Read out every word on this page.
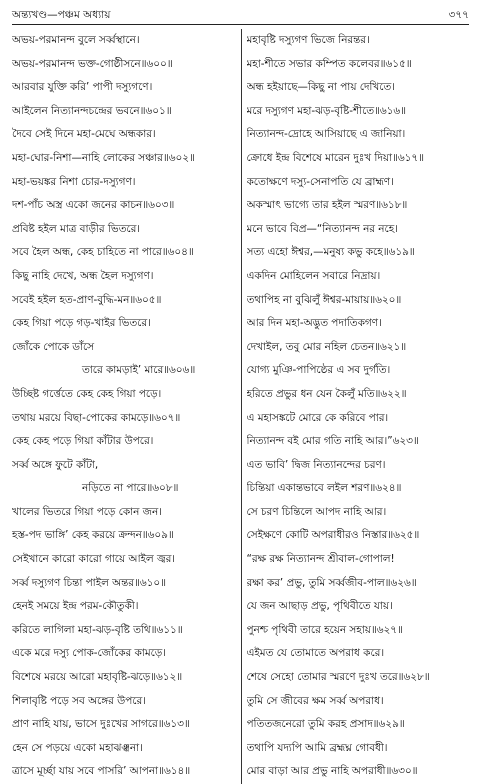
অন্ত্যখণ্ড—পঞ্চম অধ্যায়	৩৭৭
অভয়-পরমানন্দ বুলে সর্ব্বস্থানে।
অভয়-পরমানন্দ ভক্ত-গোষ্ঠীসনে॥৬০০॥
আরবার যুক্তি করি’ পাপী দস্যুগণে।
আইলেন নিত্যানন্দচন্দ্রের ভবনে॥৬০১॥
দৈবে সেই দিনে মহা-মেঘে অন্ধকার।
মহা-ঘোর-নিশা—নাহি লোকের সঞ্চার॥৬০২॥
মহা-ভয়ঙ্কর নিশা চোর-দস্যুগণ।
দশ-পাঁচ অস্ত্র একো জনের কাচন॥৬০৩॥
প্রবিষ্ট হইল মাত্র বাড়ীর ভিতরে।
সবে হৈল অন্ধ, কেহ চাহিতে না পারে॥৬০৪॥
কিছু নাহি দেখে, অন্ধ হৈল দস্যুগণ।
সবেই হইল হত-প্রাণ-বুদ্ধি-মন॥৬০৫॥
কেহ গিয়া পড়ে গড়-খাইর ভিতরে।
জোঁকে পোকে ডাঁসে
তারে কামড়াই’ মারে॥৬০৬॥
উচ্ছিষ্ট গর্ত্তেতে কেহ কেহ গিয়া পড়ে।
তথায় মরয়ে বিছা-পোকের কামড়ে॥৬০৭॥
কেহ কেহ পড়ে গিয়া কাঁটার উপরে।
সর্ব্ব অঙ্গে ফুটে কাঁটা,
নড়িতে না পারে॥৬০৮॥
খালের ভিতরে গিয়া পড়ে কোন জন।
হস্ত-পদ ভাঙ্গি’ কেহ করয়ে ক্রন্দন॥৬০৯॥
সেইখানে কারো কারো গায়ে আইল জ্বর।
সর্ব্ব দস্যুগণ চিন্তা পাইল অন্তর॥৬১০॥
হেনই সময়ে ইন্দ্র পরম-কৌতুকী।
করিতে লাগিলা মহা-ঝড়-বৃষ্টি তথি॥৬১১॥
একে মরে দস্যু পোক-জোঁকের কামড়ে।
বিশেষে মরয়ে আরো মহাবৃষ্টি-ঝড়ে॥৬১২॥
শিলাবৃষ্টি পড়ে সব অঙ্গের উপরে।
প্রাণ নাহি যায়, ভাসে দুঃখের সাগরে॥৬১৩॥
হেন সে পড়য়ে একো মহাঝঞ্ঝনা।
ত্রাসে মূর্চ্ছা যায় সবে পাসরি’ আপনা॥৬১৪॥
মহাবৃষ্টি দস্যুগণ ভিজে নিরন্তর।
মহা-শীতে সভার কম্পিত কলেবর॥৬১৫॥
অন্ধ হইয়াছে—কিছু না পায় দেখিতে।
মরে দস্যুগণ মহা-ঝড়-বৃষ্টি-শীতে॥৬১৬॥
নিত্যানন্দ-দ্রোহে আসিয়াছে এ জানিয়া।
ক্রোধে ইন্দ্র বিশেষে মারেন দুঃখ দিয়া॥৬১৭॥
কতোক্ষণে দস্যু-সেনাপতি যে ব্রাহ্মণ।
অকস্মাৎ ভাগ্যে তার হইল স্মরণ॥৬১৮॥
মনে ভাবে বিপ্র—“নিত্যানন্দ নর নহে।
সত্য এহো ঈশ্বর,—মনুষ্য কভু কহে॥৬১৯॥
একদিন মোহিলেন সবারে নিদ্রায়।
তথাপিহ না বুঝিলুঁ ঈশ্বর-মায়ায়॥৬২০॥
আর দিন মহা-অদ্ভুত পদাতিকগণ।
দেখাইল, তবু মোর নহিল চেতন॥৬২১॥
যোগ্য মুঞি-পাপিষ্ঠের এ সব দুর্গতি।
হরিতে প্রভুর ধন যেন কৈলুঁ মতি॥৬২২॥
এ মহাসঙ্কটে মোরে কে করিবে পার।
নিত্যানন্দ বই মোর গতি নাহি আর।”৬২৩॥
এত ভাবি’ দ্বিজ নিত্যানন্দের চরণ।
চিন্তিয়া একান্তভাবে লইল শরণ॥৬২৪॥
সে চরণ চিন্তিলে আপদ নাহি আর।
সেইক্ষণে কোটি অপরাধীরও নিস্তার॥৬২৫॥
“রক্ষ রক্ষ নিত্যানন্দ শ্রীবাল-গোপাল!
রক্ষা কর’ প্রভু, তুমি সর্ব্বজীব-পাল॥৬২৬॥
যে জন আছাড় প্রভু, পৃথিবীতে যায়।
পুনশ্চ পৃথিবী তারে হয়েন সহায়॥৬২৭॥
এইমত যে তোমাতে অপরাধ করে।
শেষে সেহো তোমার স্মরণে দুঃখ তরে॥৬২৮॥
তুমি সে জীবের ক্ষম সর্ব্ব অপরাধ।
পতিতজনেরো তুমি করহ প্রসাদ॥৬২৯॥
তথাপি যদ্যপি আমি ব্রহ্মঘ্ন গোবধী।
মোর বাড়া আর প্রভু নাহি অপরাধী॥৬৩০॥
